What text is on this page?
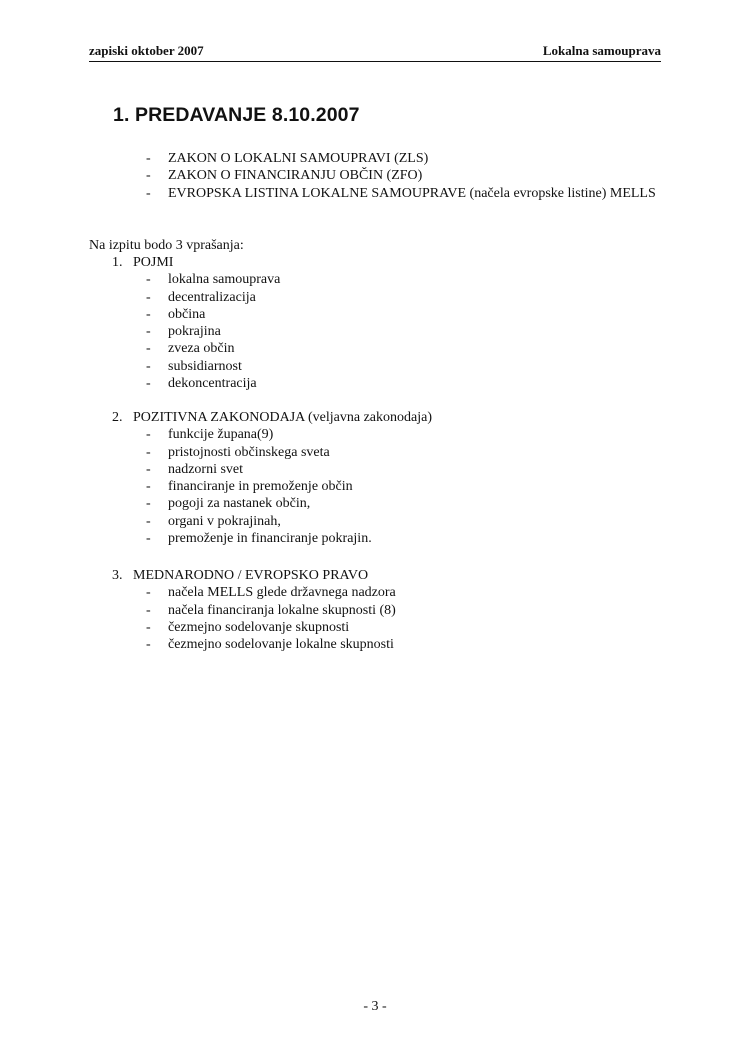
zapiski oktober 2007	Lokalna samouprava
1. PREDAVANJE 8.10.2007
- ZAKON O LOKALNI SAMOUPRAVI (ZLS)
- ZAKON O FINANCIRANJU OBČIN (ZFO)
- EVROPSKA LISTINA LOKALNE SAMOUPRAVE (načela evropske listine) MELLS
Na izpitu bodo 3 vprašanja:
1. POJMI
- lokalna samouprava
- decentralizacija
- občina
- pokrajina
- zveza občin
- subsidiarnost
- dekoncentracija
2. POZITIVNA ZAKONODAJA (veljavna zakonodaja)
- funkcije župana(9)
- pristojnosti občinskega sveta
- nadzorni svet
- financiranje in premoženje občin
- pogoji za nastanek občin,
- organi v pokrajinah,
- premoženje in financiranje pokrajin.
3. MEDNARODNO / EVROPSKO PRAVO
- načela MELLS glede državnega nadzora
- načela financiranja lokalne skupnosti (8)
- čezmejno sodelovanje skupnosti
- čezmejno sodelovanje lokalne skupnosti
- 3 -
